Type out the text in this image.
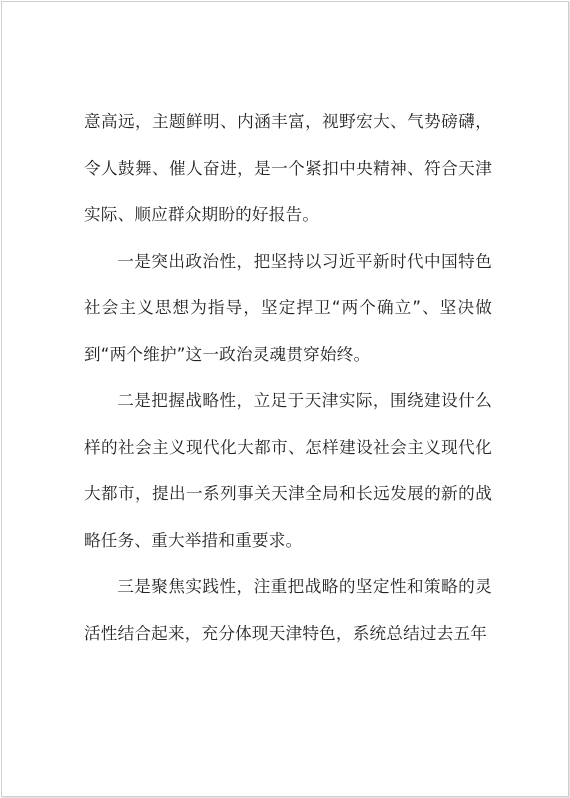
意高远，主题鲜明、内涵丰富，视野宏大、气势磅礴，令人鼓舞、催人奋进，是一个紧扣中央精神、符合天津实际、顺应群众期盼的好报告。

一是突出政治性，把坚持以习近平新时代中国特色社会主义思想为指导，坚定捍卫“两个确立”、坚决做到“两个维护”这一政治灵魂贯穿始终。

二是把握战略性，立足于天津实际，围绕建设什么样的社会主义现代化大都市、怎样建设社会主义现代化大都市，提出一系列事关天津全局和长远发展的新的战略任务、重大举措和重要求。

三是聚焦实践性，注重把战略的坚定性和策略的灵活性结合起来，充分体现天津特色，系统总结过去五年
